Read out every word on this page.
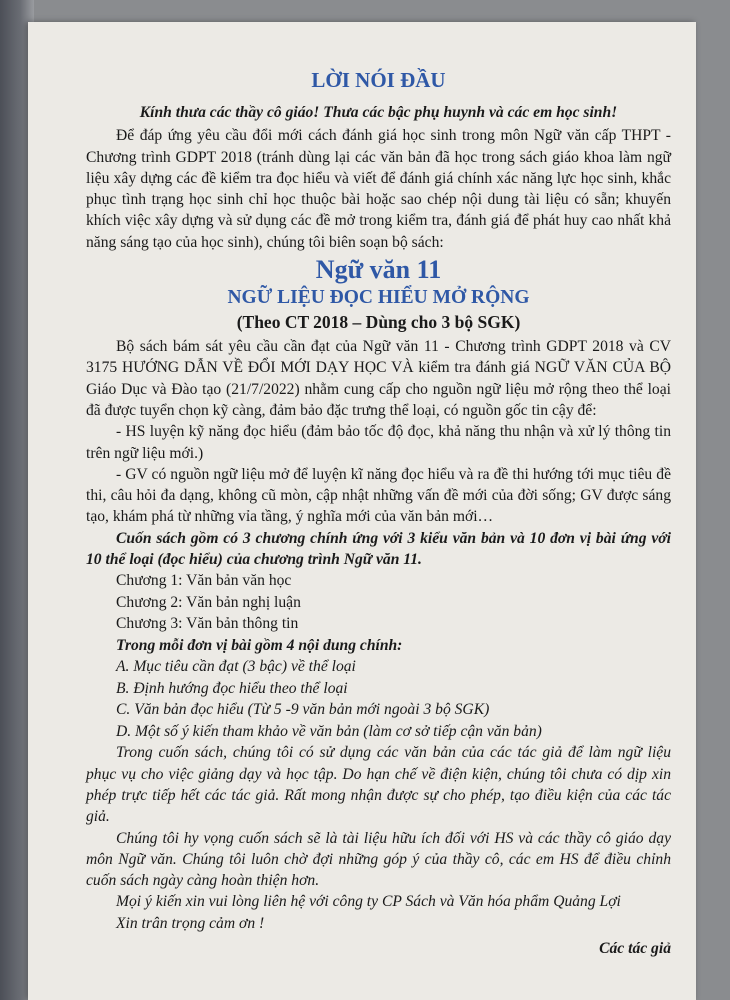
LỜI NÓI ĐẦU

Kính thưa các thầy cô giáo! Thưa các bậc phụ huynh và các em học sinh!

Để đáp ứng yêu cầu đổi mới cách đánh giá học sinh trong môn Ngữ văn cấp THPT - Chương trình GDPT 2018 (tránh dùng lại các văn bản đã học trong sách giáo khoa làm ngữ liệu xây dựng các đề kiểm tra đọc hiểu và viết để đánh giá chính xác năng lực học sinh, khắc phục tình trạng học sinh chỉ học thuộc bài hoặc sao chép nội dung tài liệu có sẵn; khuyến khích việc xây dựng và sử dụng các đề mở trong kiểm tra, đánh giá để phát huy cao nhất khả năng sáng tạo của học sinh), chúng tôi biên soạn bộ sách:

Ngữ văn 11
NGỮ LIỆU ĐỌC HIỂU MỞ RỘNG
(Theo CT 2018 – Dùng cho 3 bộ SGK)

Bộ sách bám sát yêu cầu cần đạt của Ngữ văn 11 - Chương trình GDPT 2018 và CV 3175 HƯỚNG DẪN VỀ ĐỔI MỚI DẠY HỌC VÀ kiểm tra đánh giá NGỮ VĂN CỦA BỘ Giáo Dục và Đào tạo (21/7/2022) nhằm cung cấp cho nguồn ngữ liệu mở rộng theo thể loại đã được tuyển chọn kỹ càng, đảm bảo đặc trưng thể loại, có nguồn gốc tin cậy để:

- HS luyện kỹ năng đọc hiểu (đảm bảo tốc độ đọc, khả năng thu nhận và xử lý thông tin trên ngữ liệu mới.)

- GV có nguồn ngữ liệu mở để luyện kĩ năng đọc hiểu và ra đề thi hướng tới mục tiêu đề thi, câu hỏi đa dạng, không cũ mòn, cập nhật những vấn đề mới của đời sống; GV được sáng tạo, khám phá từ những vỉa tầng, ý nghĩa mới của văn bản mới…

Cuốn sách gồm có 3 chương chính ứng với 3 kiểu văn bản và 10 đơn vị bài ứng với 10 thể loại (đọc hiểu) của chương trình Ngữ văn 11.

Chương 1: Văn bản văn học
Chương 2: Văn bản nghị luận
Chương 3: Văn bản thông tin
Trong mỗi đơn vị bài gồm 4 nội dung chính:
A. Mục tiêu cần đạt (3 bậc) về thể loại
B. Định hướng đọc hiểu theo thể loại
C. Văn bản đọc hiểu (Từ 5 -9 văn bản mới ngoài 3 bộ SGK)
D. Một số ý kiến tham khảo về văn bản (làm cơ sở tiếp cận văn bản)

Trong cuốn sách, chúng tôi có sử dụng các văn bản của các tác giả để làm ngữ liệu phục vụ cho việc giảng dạy và học tập. Do hạn chế về điện kiện, chúng tôi chưa có dịp xin phép trực tiếp hết các tác giả. Rất mong nhận được sự cho phép, tạo điều kiện của các tác giả.

Chúng tôi hy vọng cuốn sách sẽ là tài liệu hữu ích đối với HS và các thầy cô giáo dạy môn Ngữ văn. Chúng tôi luôn chờ đợi những góp ý của thầy cô, các em HS để điều chỉnh cuốn sách ngày càng hoàn thiện hơn.

Mọi ý kiến xin vui lòng liên hệ với công ty CP Sách và Văn hóa phẩm Quảng Lợi

Xin trân trọng cảm ơn !

Các tác giả
